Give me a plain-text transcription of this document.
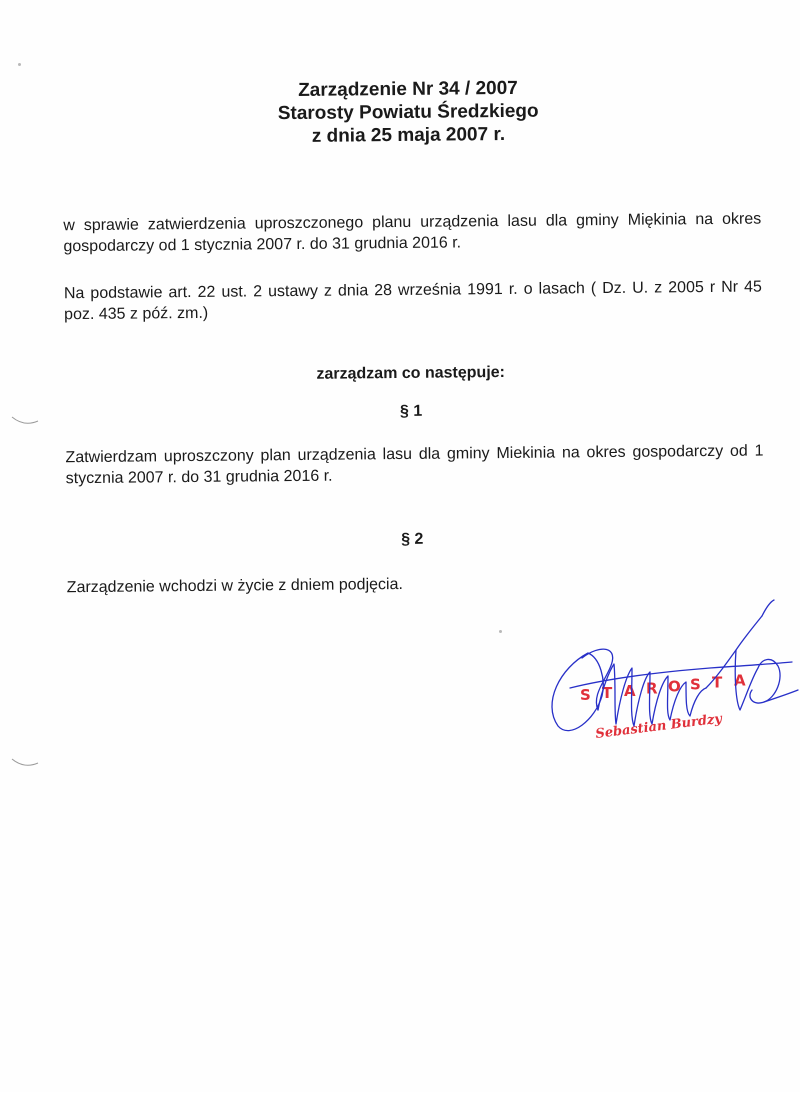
Zarządzenie Nr 34 / 2007
Starosty Powiatu Średzkiego
z dnia 25 maja 2007 r.
w sprawie zatwierdzenia uproszczonego planu urządzenia lasu dla gminy Miękinia na okres gospodarczy od 1 stycznia 2007 r. do 31 grudnia 2016 r.
Na podstawie art. 22 ust. 2 ustawy z dnia 28 września 1991 r. o lasach ( Dz. U. z 2005 r Nr 45 poz. 435 z póź. zm.)
zarządzam co następuje:
§ 1
Zatwierdzam uproszczony plan urządzenia lasu dla gminy Miekinia na okres gospodarczy od 1 stycznia 2007 r. do 31 grudnia 2016 r.
§ 2
Zarządzenie wchodzi w życie z dniem podjęcia.
S T A R O S T A
Sebastian Burdzy
